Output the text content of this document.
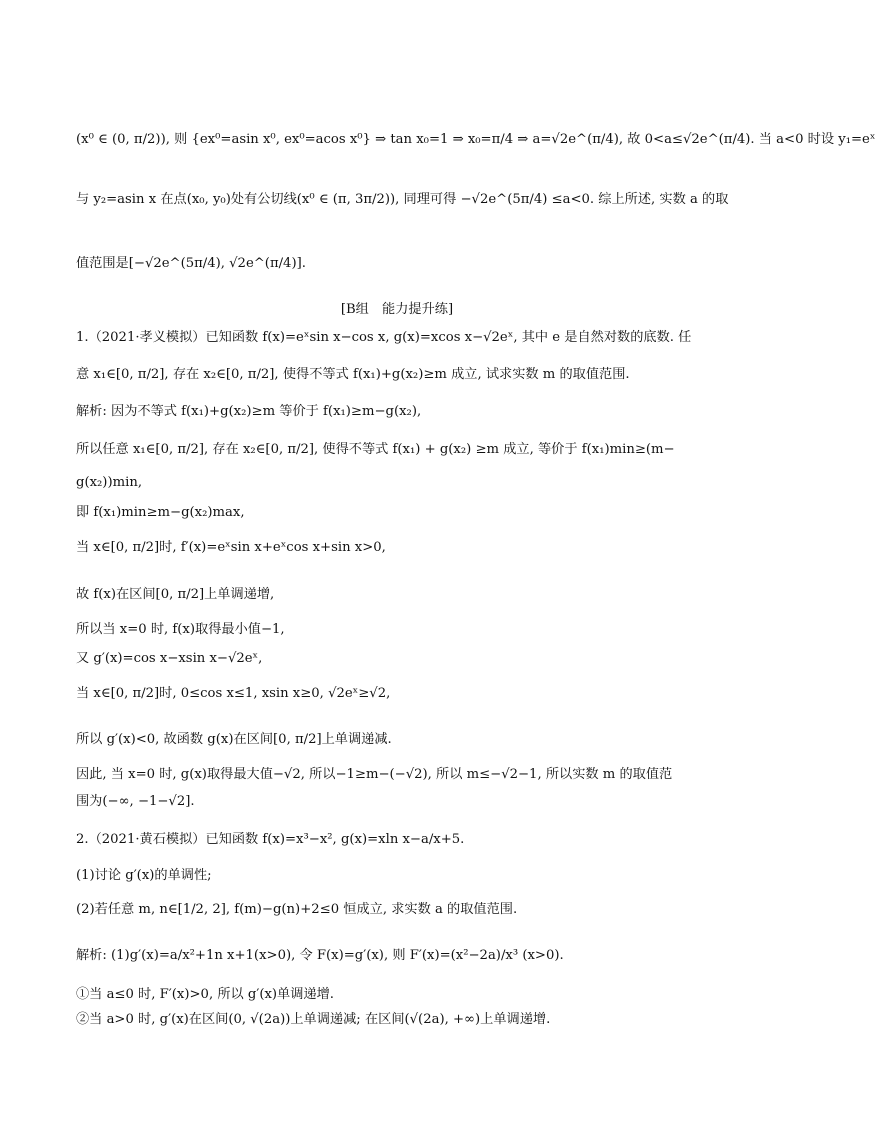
(x⁰ ∈ (0, π/2)), 则 {ex⁰=asin x⁰, ex⁰=acos x⁰} ⇒ tan x₀=1 ⇒ x₀=π/4 ⇒ a=√2e^(π/4), 故 0<a≤√2e^(π/4). 当 a<0 时设 y₁=eˣ
与 y₂=asin x 在点(x₀, y₀)处有公切线(x⁰ ∈ (π, 3π/2)), 同理可得 −√2e^(5π/4) ≤a<0. 综上所述, 实数 a 的取
值范围是[−√2e^(5π/4), √2e^(π/4)].
[B组　能力提升练]
1.（2021·孝义模拟）已知函数 f(x)=eˣsin x−cos x, g(x)=xcos x−√2eˣ, 其中 e 是自然对数的底数. 任
意 x₁∈[0, π/2], 存在 x₂∈[0, π/2], 使得不等式 f(x₁)+g(x₂)≥m 成立, 试求实数 m 的取值范围.
解析: 因为不等式 f(x₁)+g(x₂)≥m 等价于 f(x₁)≥m−g(x₂),
所以任意 x₁∈[0, π/2], 存在 x₂∈[0, π/2], 使得不等式 f(x₁) + g(x₂) ≥m 成立, 等价于 f(x₁)min≥(m−
g(x₂))min,
即 f(x₁)min≥m−g(x₂)max,
当 x∈[0, π/2]时, f′(x)=eˣsin x+eˣcos x+sin x>0,
故 f(x)在区间[0, π/2]上单调递增,
所以当 x=0 时, f(x)取得最小值−1,
又 g′(x)=cos x−xsin x−√2eˣ,
当 x∈[0, π/2]时, 0≤cos x≤1, xsin x≥0, √2eˣ≥√2,
所以 g′(x)<0, 故函数 g(x)在区间[0, π/2]上单调递减.
因此, 当 x=0 时, g(x)取得最大值−√2, 所以−1≥m−(−√2), 所以 m≤−√2−1, 所以实数 m 的取值范
围为(−∞, −1−√2].
2.（2021·黄石模拟）已知函数 f(x)=x³−x², g(x)=xln x−a/x+5.
(1)讨论 g′(x)的单调性;
(2)若任意 m, n∈[1/2, 2], f(m)−g(n)+2≤0 恒成立, 求实数 a 的取值范围.
解析: (1)g′(x)=a/x²+1n x+1(x>0), 令 F(x)=g′(x), 则 F′(x)=(x²−2a)/x³ (x>0).
①当 a≤0 时, F′(x)>0, 所以 g′(x)单调递增.
②当 a>0 时, g′(x)在区间(0, √(2a))上单调递减; 在区间(√(2a), +∞)上单调递增.
